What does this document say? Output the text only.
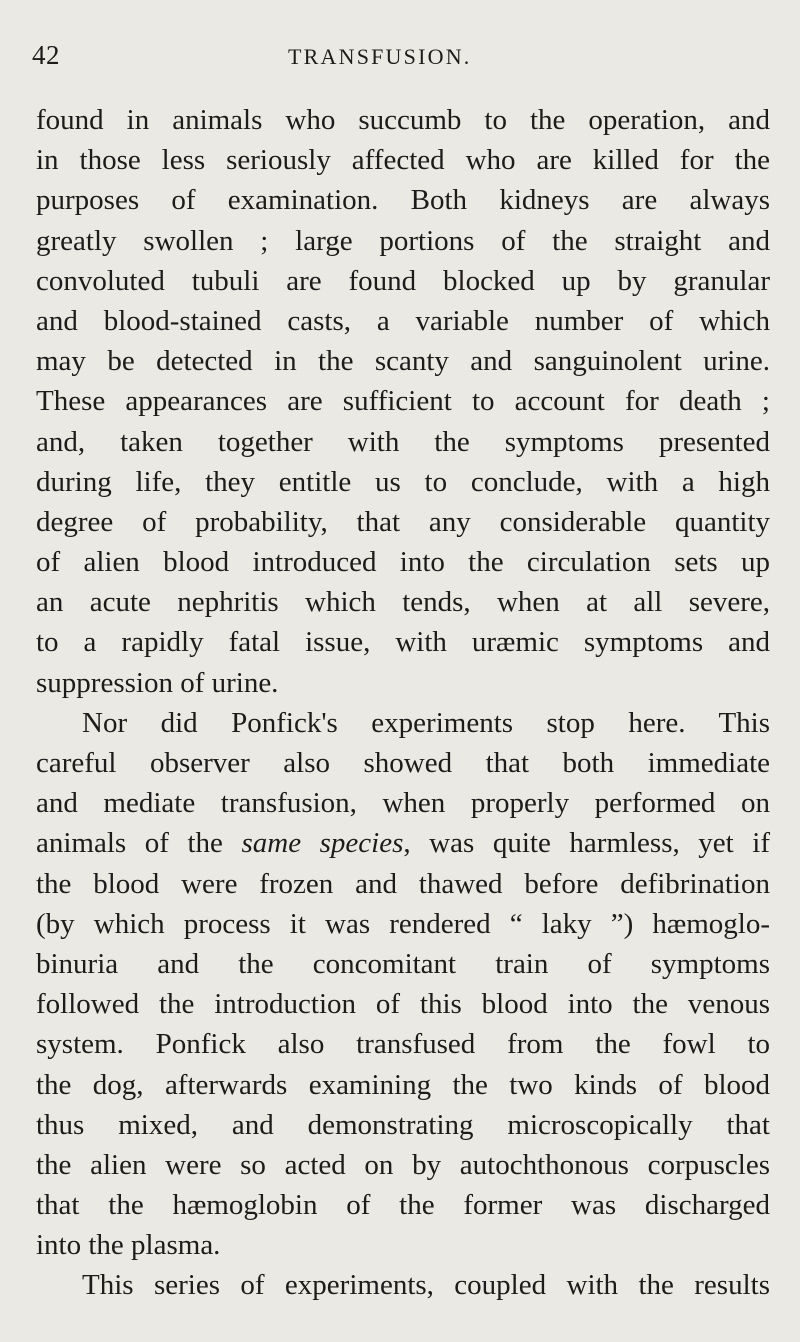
42	TRANSFUSION.
found in animals who succumb to the operation, and
in those less seriously affected who are killed for the
purposes of examination. Both kidneys are always
greatly swollen ; large portions of the straight and
convoluted tubuli are found blocked up by granular
and blood-stained casts, a variable number of which
may be detected in the scanty and sanguinolent urine.
These appearances are sufficient to account for death ;
and, taken together with the symptoms presented
during life, they entitle us to conclude, with a high
degree of probability, that any considerable quantity
of alien blood introduced into the circulation sets up
an acute nephritis which tends, when at all severe,
to a rapidly fatal issue, with uræmic symptoms and
suppression of urine.
Nor did Ponfick's experiments stop here. This
careful observer also showed that both immediate
and mediate transfusion, when properly performed on
animals of the same species, was quite harmless, yet if
the blood were frozen and thawed before defibrination
(by which process it was rendered “ laky ”) hæmoglo-
binuria and the concomitant train of symptoms
followed the introduction of this blood into the venous
system. Ponfick also transfused from the fowl to
the dog, afterwards examining the two kinds of blood
thus mixed, and demonstrating microscopically that
the alien were so acted on by autochthonous corpuscles
that the hæmoglobin of the former was discharged
into the plasma.
This series of experiments, coupled with the results
